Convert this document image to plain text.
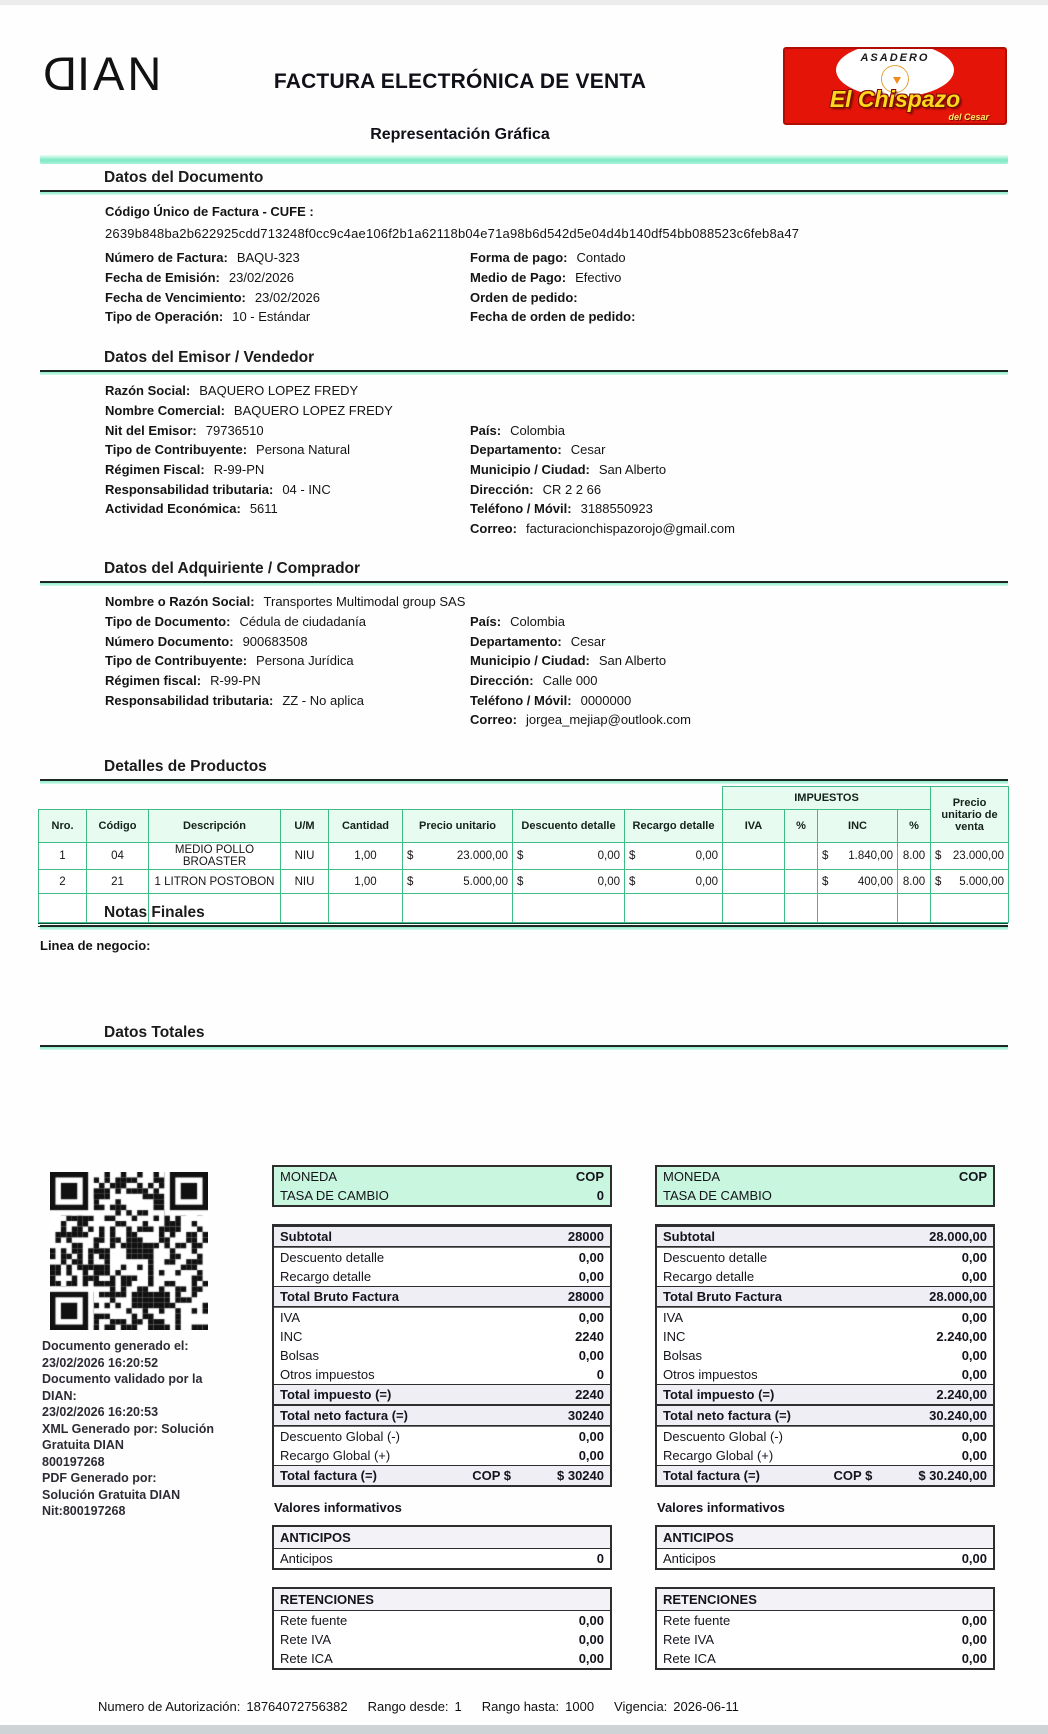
DIAN	FACTURA ELECTRÓNICA DE VENTA
Representación Gráfica
ASADERO
El Chispazo
del Cesar
Datos del Documento
Código Único de Factura - CUFE :
2639b848ba2b622925cdd713248f0cc9c4ae106f2b1a62118b04e71a98b6d542d5e04d4b140df54bb088523c6feb8a47
Número de Factura: BAQU-323	Forma de pago: Contado
Fecha de Emisión: 23/02/2026	Medio de Pago: Efectivo
Fecha de Vencimiento: 23/02/2026	Orden de pedido:
Tipo de Operación: 10 - Estándar	Fecha de orden de pedido:
Datos del Emisor / Vendedor
Razón Social: BAQUERO LOPEZ FREDY
Nombre Comercial: BAQUERO LOPEZ FREDY
Nit del Emisor: 79736510	País: Colombia
Tipo de Contribuyente: Persona Natural	Departamento: Cesar
Régimen Fiscal: R-99-PN	Municipio / Ciudad: San Alberto
Responsabilidad tributaria: 04 - INC	Dirección: CR 2 2 66
Actividad Económica: 5611	Teléfono / Móvil: 3188550923
Correo: facturacionchispazorojo@gmail.com
Datos del Adquiriente / Comprador
Nombre o Razón Social: Transportes Multimodal group SAS
Tipo de Documento: Cédula de ciudadanía	País: Colombia
Número Documento: 900683508	Departamento: Cesar
Tipo de Contribuyente: Persona Jurídica	Municipio / Ciudad: San Alberto
Régimen fiscal: R-99-PN	Dirección: Calle 000
Responsabilidad tributaria: ZZ - No aplica	Teléfono / Móvil: 0000000
Correo: jorgea_mejiap@outlook.com
Detalles de Productos
								IMPUESTOS				Precio unitario de venta
Nro.	Código	Descripción	U/M	Cantidad	Precio unitario	Descuento detalle	Recargo detalle	IVA	%	INC	%	
1	04	MEDIO POLLO BROASTER	NIU	1,00	$ 23.000,00	$ 0,00	$ 0,00			$ 1.840,00	8.00	$ 23.000,00

2	21	1 LITRON POSTOBON	NIU	1,00	$ 5.000,00	$ 0,00	$ 0,00			$ 400,00	8.00	$ 5.000,00

Notas Finales
Linea de negocio:
Datos Totales
Documento generado el:
23/02/2026 16:20:52
Documento validado por la
DIAN:
23/02/2026 16:20:53
XML Generado por: Solución
Gratuita DIAN
800197268
PDF Generado por:
Solución Gratuita DIAN
Nit:800197268
MONEDA	COP
TASA DE CAMBIO	0
Subtotal	28000
Descuento detalle	0,00
Recargo detalle	0,00
Total Bruto Factura	28000
IVA	0,00
INC	2240
Bolsas	0,00
Otros impuestos	0
Total impuesto (=)	2240
Total neto factura (=)	30240
Descuento Global (-)	0,00
Recargo Global (+)	0,00
Total factura (=)	COP $	$ 30240
Valores informativos
ANTICIPOS
Anticipos	0
RETENCIONES
Rete fuente	0,00
Rete IVA	0,00
Rete ICA	0,00
MONEDA	COP
TASA DE CAMBIO
Subtotal	28.000,00
Descuento detalle	0,00
Recargo detalle	0,00
Total Bruto Factura	28.000,00
IVA	0,00
INC	2.240,00
Bolsas	0,00
Otros impuestos	0,00
Total impuesto (=)	2.240,00
Total neto factura (=)	30.240,00
Descuento Global (-)	0,00
Recargo Global (+)	0,00
Total factura (=)	COP $	$ 30.240,00
Valores informativos
ANTICIPOS
Anticipos	0,00
RETENCIONES
Rete fuente	0,00
Rete IVA	0,00
Rete ICA	0,00
Numero de Autorización: 18764072756382 Rango desde: 1 Rango hasta: 1000 Vigencia: 2026-06-11
